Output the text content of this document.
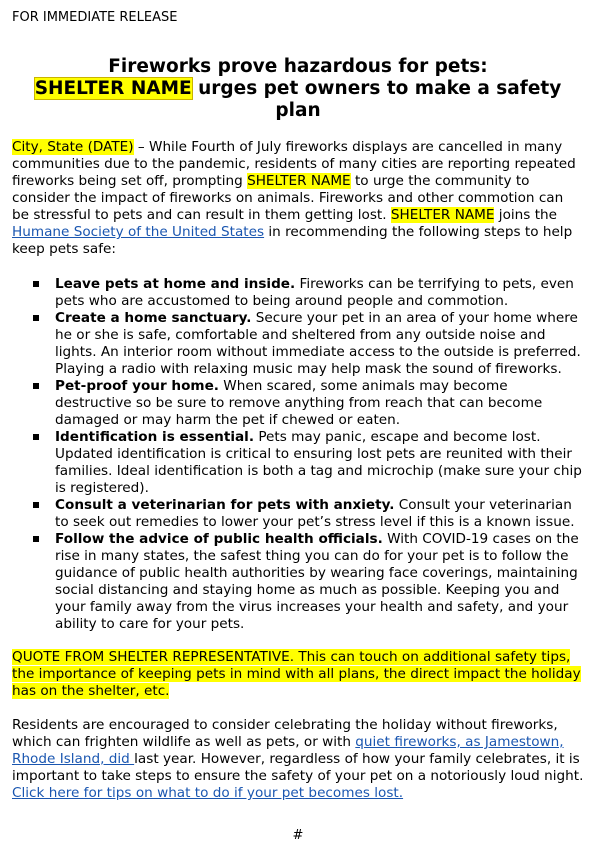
FOR IMMEDIATE RELEASE

Fireworks prove hazardous for pets:
SHELTER NAME urges pet owners to make a safety plan

City, State (DATE) – While Fourth of July fireworks displays are cancelled in many communities due to the pandemic, residents of many cities are reporting repeated fireworks being set off, prompting SHELTER NAME to urge the community to consider the impact of fireworks on animals. Fireworks and other commotion can be stressful to pets and can result in them getting lost. SHELTER NAME joins the Humane Society of the United States in recommending the following steps to help keep pets safe:

Leave pets at home and inside. Fireworks can be terrifying to pets, even pets who are accustomed to being around people and commotion.
Create a home sanctuary. Secure your pet in an area of your home where he or she is safe, comfortable and sheltered from any outside noise and lights. An interior room without immediate access to the outside is preferred. Playing a radio with relaxing music may help mask the sound of fireworks.
Pet-proof your home. When scared, some animals may become destructive so be sure to remove anything from reach that can become damaged or may harm the pet if chewed or eaten.
Identification is essential. Pets may panic, escape and become lost. Updated identification is critical to ensuring lost pets are reunited with their families. Ideal identification is both a tag and microchip (make sure your chip is registered).
Consult a veterinarian for pets with anxiety. Consult your veterinarian to seek out remedies to lower your pet’s stress level if this is a known issue.
Follow the advice of public health officials. With COVID-19 cases on the rise in many states, the safest thing you can do for your pet is to follow the guidance of public health authorities by wearing face coverings, maintaining social distancing and staying home as much as possible. Keeping you and your family away from the virus increases your health and safety, and your ability to care for your pets.

QUOTE FROM SHELTER REPRESENTATIVE. This can touch on additional safety tips, the importance of keeping pets in mind with all plans, the direct impact the holiday has on the shelter, etc.

Residents are encouraged to consider celebrating the holiday without fireworks, which can frighten wildlife as well as pets, or with quiet fireworks, as Jamestown, Rhode Island, did last year. However, regardless of how your family celebrates, it is important to take steps to ensure the safety of your pet on a notoriously loud night. Click here for tips on what to do if your pet becomes lost.

#
